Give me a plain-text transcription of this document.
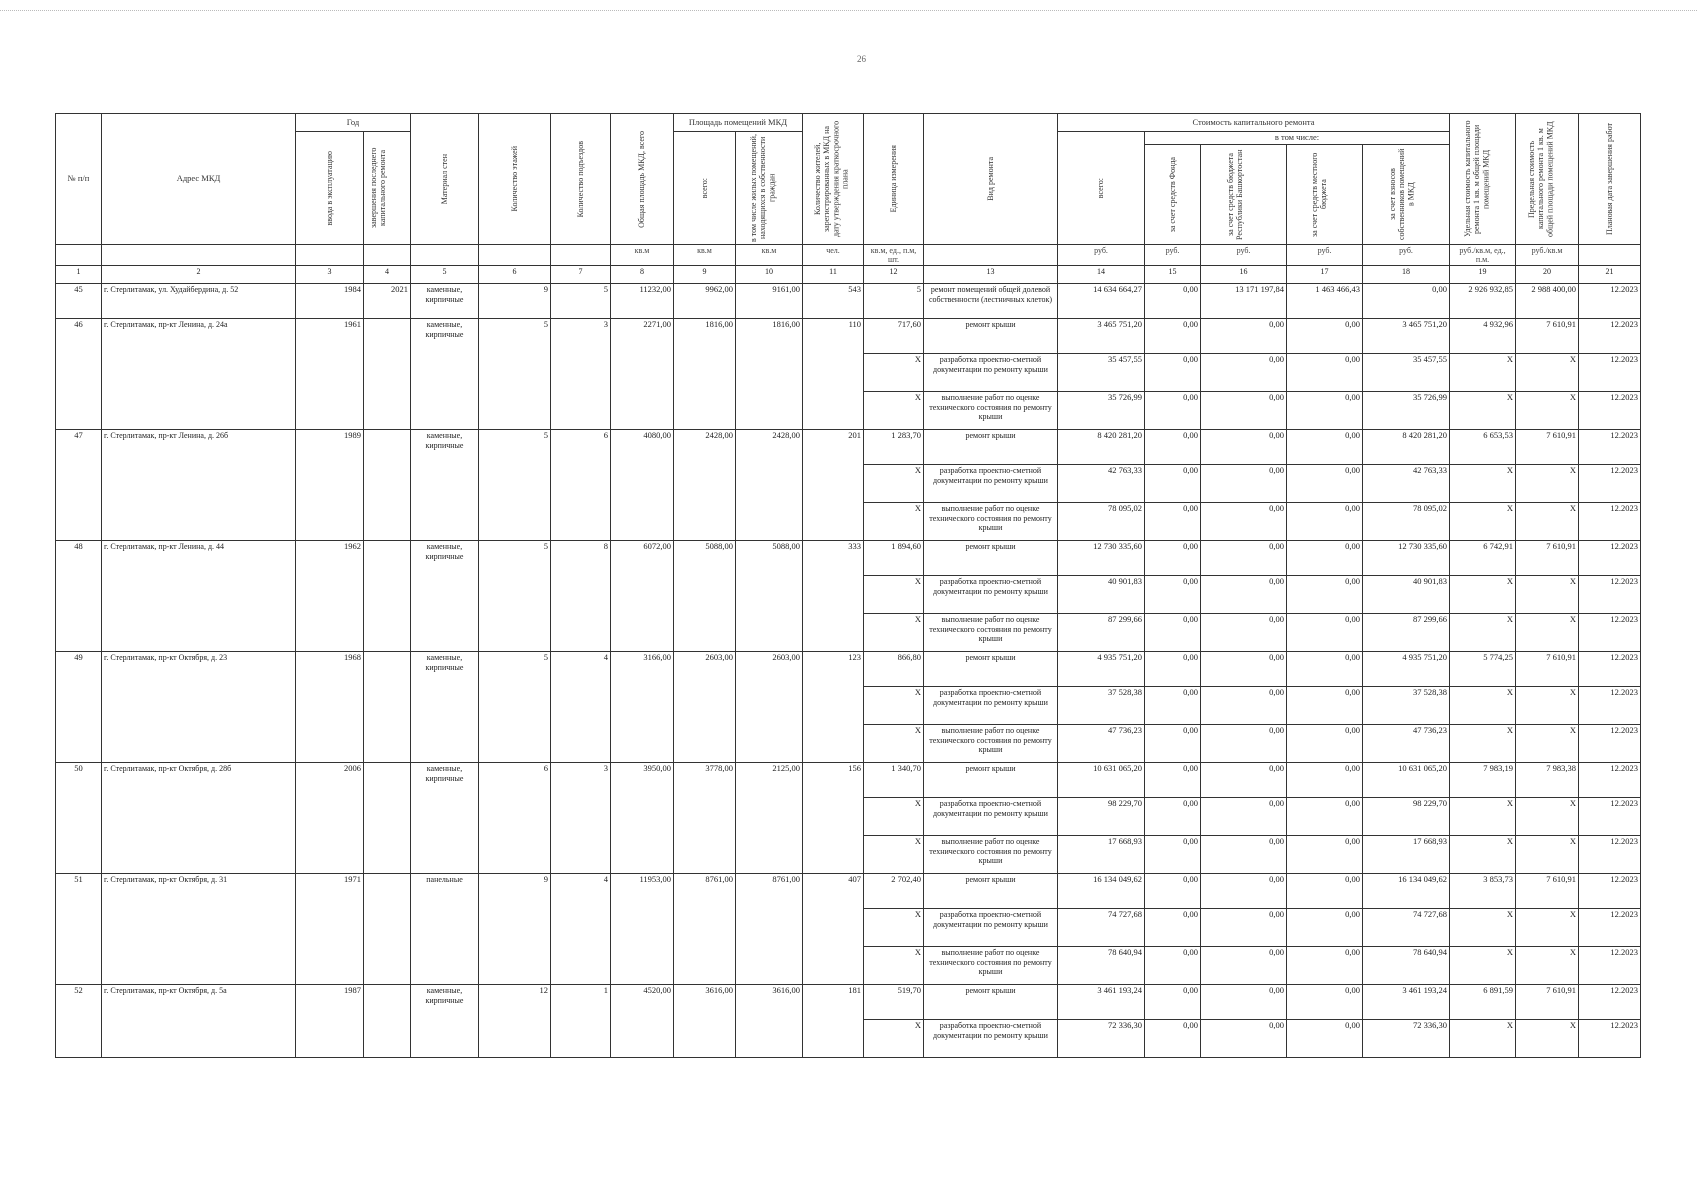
26
№ п/п	Адрес МКД	Год		Материал стен	Количество этажей	Количество подъездов	Общая площадь МКД, всего	Площадь помещений МКД		Количество жителей, зарегистрированных в МКД на дату утверждения краткосрочного плана	Единица измерения	Вид ремонта	Стоимость капитального ремонта					Удельная стоимость капитального ремонта 1 кв. м общей площади помещений МКД	Предельная стоимость капитального ремонта 1 кв. м общей площади помещений МКД	Плановая дата завершения работ

		ввода в эксплуатацию	завершения последнего капитального ремонта					всего:	в том числе жилых помещений, находящихся в собственности граждан				всего:	в том числе:						

														за счет средств Фонда	за счет средств бюджета Республики Башкортостан	за счет средств местного бюджета	за счет взносов собственников помещений в МКД			

							кв.м	кв.м	кв.м	чел.	кв.м, ед., п.м, шт.		руб.	руб.	руб.	руб.	руб.	руб./кв.м, ед., п.м.	руб./кв.м	
1	2	3	4	5	6	7	8	9	10	11	12	13	14	15	16	17	18	19	20	21
45	г. Стерлитамак, ул. Худайбердина, д. 52	1984	2021	каменные, кирпичные	9	5	11232,00	9962,00	9161,00	543	5	ремонт помещений общей долевой собственности (лестничных клеток)	14 634 664,27	0,00	13 171 197,84	1 463 466,43	0,00	2 926 932,85	2 988 400,00	12.2023
46	г. Стерлитамак, пр-кт Ленина, д. 24а	1961		каменные, кирпичные	5	3	2271,00	1816,00	1816,00	110	717,60	ремонт крыши	3 465 751,20	0,00	0,00	0,00	3 465 751,20	4 932,96	7 610,91	12.2023
											X	разработка проектно-сметной документации по ремонту крыши	35 457,55	0,00	0,00	0,00	35 457,55	X	X	12.2023
											X	выполнение работ по оценке технического состояния по ремонту крыши	35 726,99	0,00	0,00	0,00	35 726,99	X	X	12.2023
47	г. Стерлитамак, пр-кт Ленина, д. 26б	1989		каменные, кирпичные	5	6	4080,00	2428,00	2428,00	201	1 283,70	ремонт крыши	8 420 281,20	0,00	0,00	0,00	8 420 281,20	6 653,53	7 610,91	12.2023
											X	разработка проектно-сметной документации по ремонту крыши	42 763,33	0,00	0,00	0,00	42 763,33	X	X	12.2023
											X	выполнение работ по оценке технического состояния по ремонту крыши	78 095,02	0,00	0,00	0,00	78 095,02	X	X	12.2023
48	г. Стерлитамак, пр-кт Ленина, д. 44	1962		каменные, кирпичные	5	8	6072,00	5088,00	5088,00	333	1 894,60	ремонт крыши	12 730 335,60	0,00	0,00	0,00	12 730 335,60	6 742,91	7 610,91	12.2023
											X	разработка проектно-сметной документации по ремонту крыши	40 901,83	0,00	0,00	0,00	40 901,83	X	X	12.2023
											X	выполнение работ по оценке технического состояния по ремонту крыши	87 299,66	0,00	0,00	0,00	87 299,66	X	X	12.2023
49	г. Стерлитамак, пр-кт Октября, д. 23	1968		каменные, кирпичные	5	4	3166,00	2603,00	2603,00	123	866,80	ремонт крыши	4 935 751,20	0,00	0,00	0,00	4 935 751,20	5 774,25	7 610,91	12.2023
											X	разработка проектно-сметной документации по ремонту крыши	37 528,38	0,00	0,00	0,00	37 528,38	X	X	12.2023
											X	выполнение работ по оценке технического состояния по ремонту крыши	47 736,23	0,00	0,00	0,00	47 736,23	X	X	12.2023
50	г. Стерлитамак, пр-кт Октября, д. 28б	2006		каменные, кирпичные	6	3	3950,00	3778,00	2125,00	156	1 340,70	ремонт крыши	10 631 065,20	0,00	0,00	0,00	10 631 065,20	7 983,19	7 983,38	12.2023
											X	разработка проектно-сметной документации по ремонту крыши	98 229,70	0,00	0,00	0,00	98 229,70	X	X	12.2023
											X	выполнение работ по оценке технического состояния по ремонту крыши	17 668,93	0,00	0,00	0,00	17 668,93	X	X	12.2023
51	г. Стерлитамак, пр-кт Октября, д. 31	1971		панельные	9	4	11953,00	8761,00	8761,00	407	2 702,40	ремонт крыши	16 134 049,62	0,00	0,00	0,00	16 134 049,62	3 853,73	7 610,91	12.2023
											X	разработка проектно-сметной документации по ремонту крыши	74 727,68	0,00	0,00	0,00	74 727,68	X	X	12.2023
											X	выполнение работ по оценке технического состояния по ремонту крыши	78 640,94	0,00	0,00	0,00	78 640,94	X	X	12.2023
52	г. Стерлитамак, пр-кт Октября, д. 5а	1987		каменные, кирпичные	12	1	4520,00	3616,00	3616,00	181	519,70	ремонт крыши	3 461 193,24	0,00	0,00	0,00	3 461 193,24	6 891,59	7 610,91	12.2023
											X	разработка проектно-сметной документации по ремонту крыши	72 336,30	0,00	0,00	0,00	72 336,30	X	X	12.2023
